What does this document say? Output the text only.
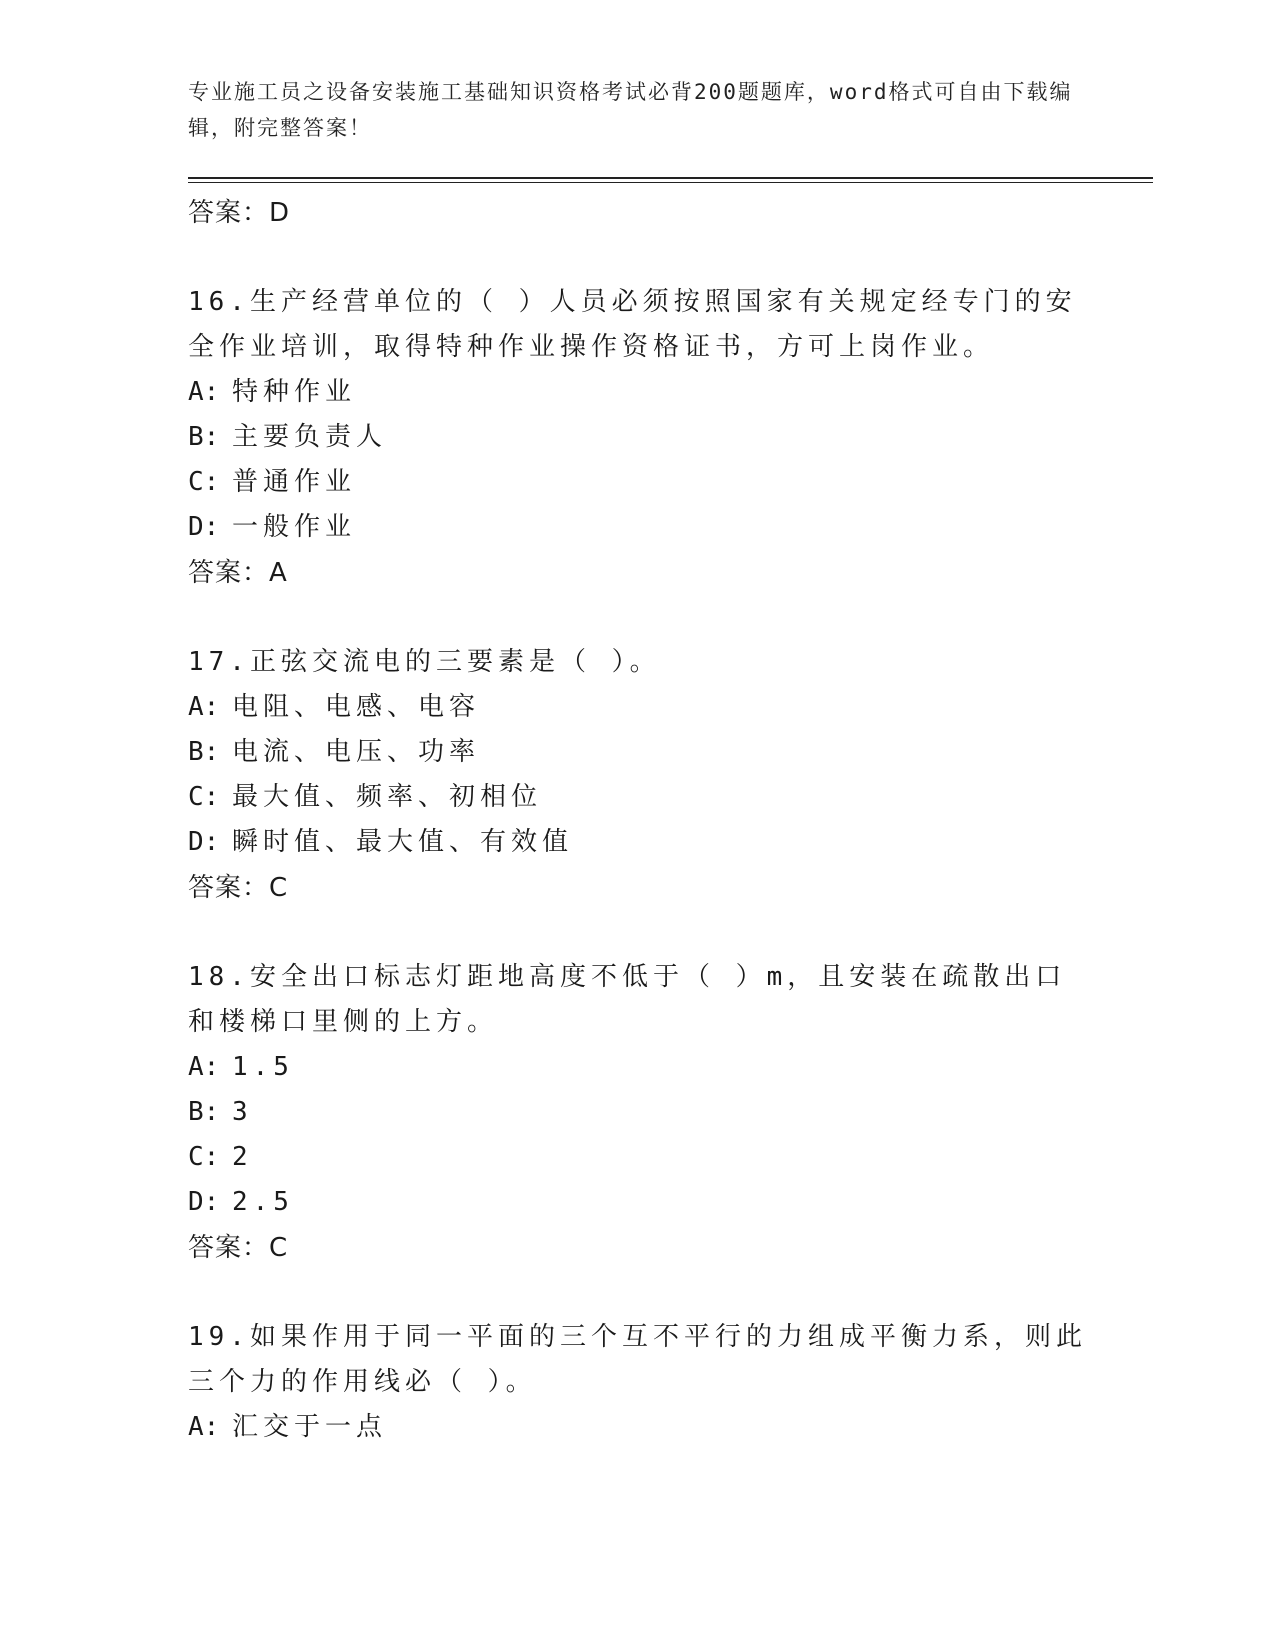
专业施工员之设备安装施工基础知识资格考试必背200题题库，word格式可自由下载编辑，附完整答案！
答案：D
16.生产经营单位的（ ）人员必须按照国家有关规定经专门的安全作业培训，取得特种作业操作资格证书，方可上岗作业。
A: 特种作业
B: 主要负责人
C: 普通作业
D: 一般作业
答案：A
17.正弦交流电的三要素是（ ）。
A: 电阻、电感、电容
B: 电流、电压、功率
C: 最大值、频率、初相位
D: 瞬时值、最大值、有效值
答案：C
18.安全出口标志灯距地高度不低于（ ）m，且安装在疏散出口和楼梯口里侧的上方。
A: 1.5
B: 3
C: 2
D: 2.5
答案：C
19.如果作用于同一平面的三个互不平行的力组成平衡力系，则此三个力的作用线必（ ）。
A: 汇交于一点
